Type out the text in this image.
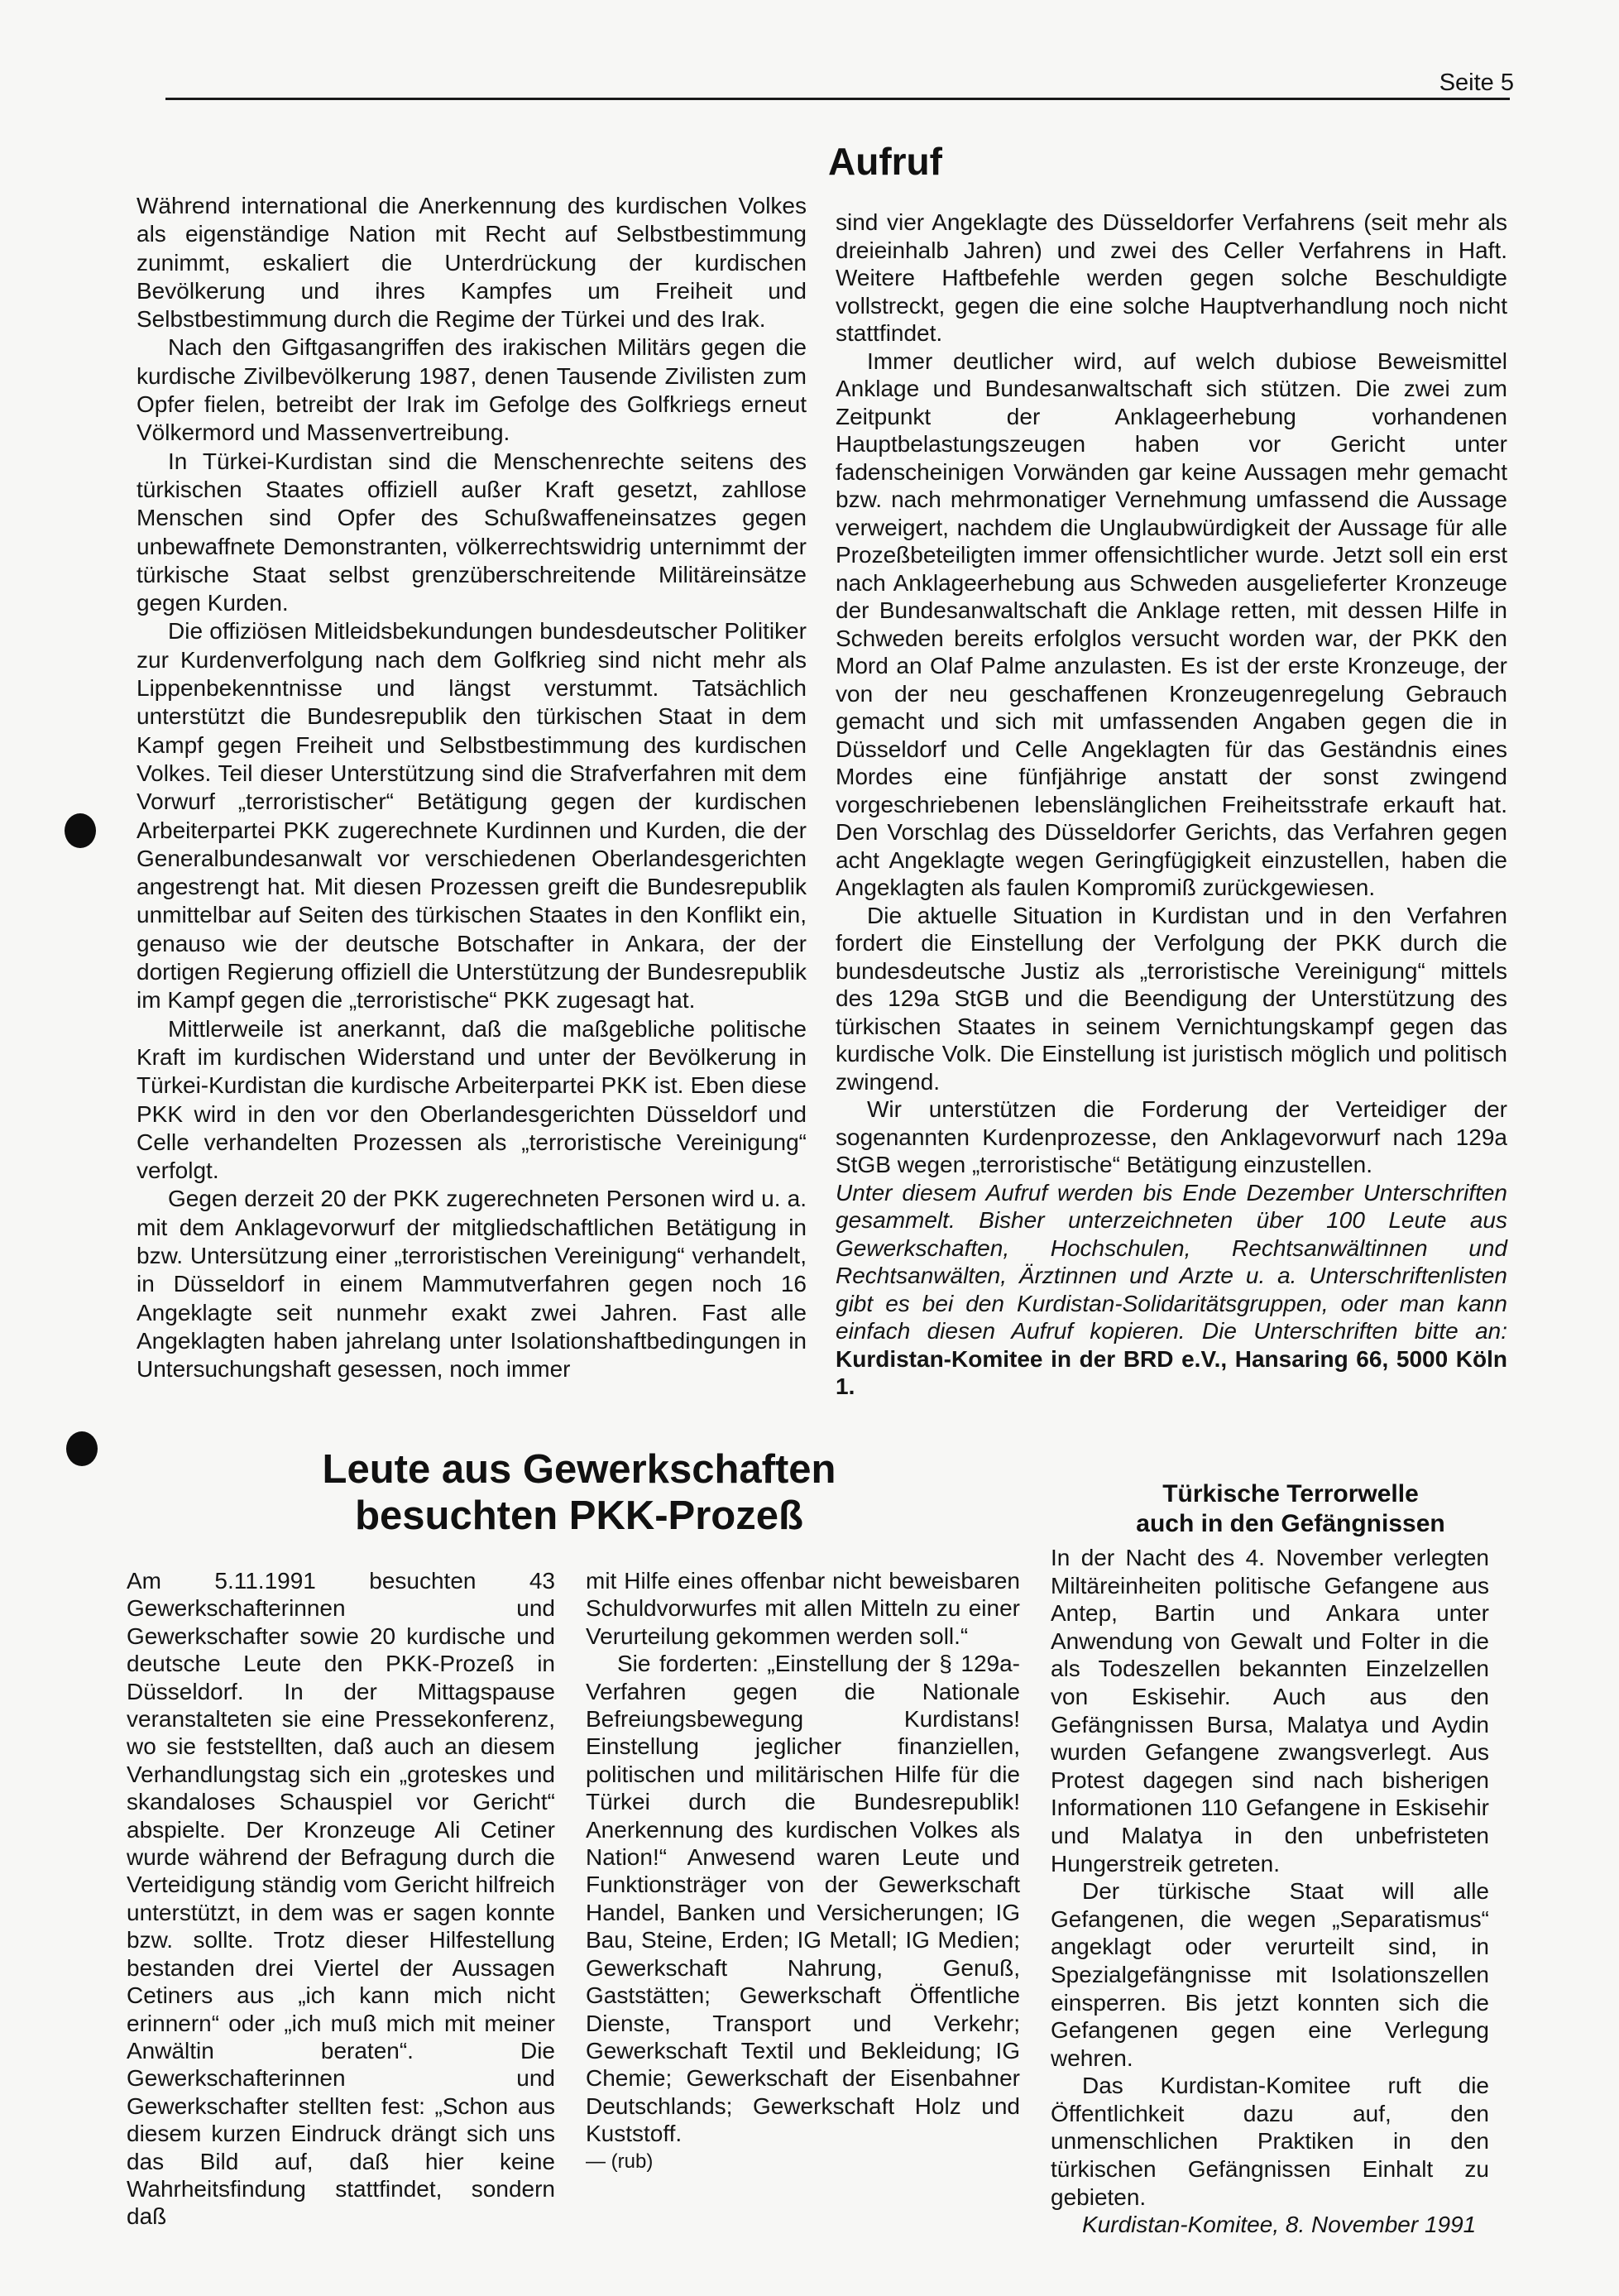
Seite 5
Aufruf

Während international die Anerkennung des kurdischen Volkes als eigenständige Nation mit Recht auf Selbstbestimmung zunimmt, eskaliert die Unterdrückung der kurdischen Bevölkerung und ihres Kampfes um Freiheit und Selbstbestimmung durch die Regime der Türkei und des Irak.

Nach den Giftgasangriffen des irakischen Militärs gegen die kurdische Zivilbevölkerung 1987, denen Tausende Zivilisten zum Opfer fielen, betreibt der Irak im Gefolge des Golfkriegs erneut Völkermord und Massenvertreibung.

In Türkei-Kurdistan sind die Menschenrechte seitens des türkischen Staates offiziell außer Kraft gesetzt, zahllose Menschen sind Opfer des Schußwaffeneinsatzes gegen unbewaffnete Demonstranten, völkerrechtswidrig unternimmt der türkische Staat selbst grenzüberschreitende Militäreinsätze gegen Kurden.

Die offiziösen Mitleidsbekundungen bundesdeutscher Politiker zur Kurdenverfolgung nach dem Golfkrieg sind nicht mehr als Lippenbekenntnisse und längst verstummt. Tatsächlich unterstützt die Bundesrepublik den türkischen Staat in dem Kampf gegen Freiheit und Selbstbestimmung des kurdischen Volkes. Teil dieser Unterstützung sind die Strafverfahren mit dem Vorwurf „terroristischer“ Betätigung gegen der kurdischen Arbeiterpartei PKK zugerechnete Kurdinnen und Kurden, die der Generalbundesanwalt vor verschiedenen Oberlandesgerichten angestrengt hat. Mit diesen Prozessen greift die Bundesrepublik unmittelbar auf Seiten des türkischen Staates in den Konflikt ein, genauso wie der deutsche Botschafter in Ankara, der der dortigen Regierung offiziell die Unterstützung der Bundesrepublik im Kampf gegen die „terroristische“ PKK zugesagt hat.

Mittlerweile ist anerkannt, daß die maßgebliche politische Kraft im kurdischen Widerstand und unter der Bevölkerung in Türkei-Kurdistan die kurdische Arbeiterpartei PKK ist. Eben diese PKK wird in den vor den Oberlandesgerichten Düsseldorf und Celle verhandelten Prozessen als „terroristische Vereinigung“ verfolgt.

Gegen derzeit 20 der PKK zugerechneten Personen wird u. a. mit dem Anklagevorwurf der mitgliedschaftlichen Betätigung in bzw. Untersützung einer „terroristischen Vereinigung“ verhandelt, in Düsseldorf in einem Mammutverfahren gegen noch 16 Angeklagte seit nunmehr exakt zwei Jahren. Fast alle Angeklagten haben jahrelang unter Isolationshaftbedingungen in Untersuchungshaft gesessen, noch immer

sind vier Angeklagte des Düsseldorfer Verfahrens (seit mehr als dreieinhalb Jahren) und zwei des Celler Verfahrens in Haft. Weitere Haftbefehle werden gegen solche Beschuldigte vollstreckt, gegen die eine solche Hauptverhandlung noch nicht stattfindet.

Immer deutlicher wird, auf welch dubiose Beweismittel Anklage und Bundesanwaltschaft sich stützen. Die zwei zum Zeitpunkt der Anklageerhebung vorhandenen Hauptbelastungszeugen haben vor Gericht unter fadenscheinigen Vorwänden gar keine Aussagen mehr gemacht bzw. nach mehrmonatiger Vernehmung umfassend die Aussage verweigert, nachdem die Unglaubwürdigkeit der Aussage für alle Prozeßbeteiligten immer offensichtlicher wurde. Jetzt soll ein erst nach Anklageerhebung aus Schweden ausgelieferter Kronzeuge der Bundesanwaltschaft die Anklage retten, mit dessen Hilfe in Schweden bereits erfolglos versucht worden war, der PKK den Mord an Olaf Palme anzulasten. Es ist der erste Kronzeuge, der von der neu geschaffenen Kronzeugenregelung Gebrauch gemacht und sich mit umfassenden Angaben gegen die in Düsseldorf und Celle Angeklagten für das Geständnis eines Mordes eine fünfjährige anstatt der sonst zwingend vorgeschriebenen lebenslänglichen Freiheitsstrafe erkauft hat. Den Vorschlag des Düsseldorfer Gerichts, das Verfahren gegen acht Angeklagte wegen Geringfügigkeit einzustellen, haben die Angeklagten als faulen Kompromiß zurückgewiesen.

Die aktuelle Situation in Kurdistan und in den Verfahren fordert die Einstellung der Verfolgung der PKK durch die bundesdeutsche Justiz als „terroristische Vereinigung“ mittels des 129a StGB und die Beendigung der Unterstützung des türkischen Staates in seinem Vernichtungskampf gegen das kurdische Volk. Die Einstellung ist juristisch möglich und politisch zwingend.

Wir unterstützen die Forderung der Verteidiger der sogenannten Kurdenprozesse, den Anklagevorwurf nach 129a StGB wegen „terroristische“ Betätigung einzustellen.

Unter diesem Aufruf werden bis Ende Dezember Unterschriften gesammelt. Bisher unterzeichneten über 100 Leute aus Gewerkschaften, Hochschulen, Rechtsanwältinnen und Rechtsanwälten, Ärztinnen und Arzte u. a. Unterschriftenlisten gibt es bei den Kurdistan-Solidaritätsgruppen, oder man kann einfach diesen Aufruf kopieren. Die Unterschriften bitte an: Kurdistan-Komitee in der BRD e.V., Hansaring 66, 5000 Köln 1.

Leute aus Gewerkschaften
besuchten PKK-Prozeß

Am 5.11.1991 besuchten 43 Gewerkschafterinnen und Gewerkschafter sowie 20 kurdische und deutsche Leute den PKK-Prozeß in Düsseldorf. In der Mittagspause veranstalteten sie eine Pressekonferenz, wo sie feststellten, daß auch an diesem Verhandlungstag sich ein „groteskes und skandaloses Schauspiel vor Gericht“ abspielte. Der Kronzeuge Ali Cetiner wurde während der Befragung durch die Verteidigung ständig vom Gericht hilfreich unterstützt, in dem was er sagen konnte bzw. sollte. Trotz dieser Hilfestellung bestanden drei Viertel der Aussagen Cetiners aus „ich kann mich nicht erinnern“ oder „ich muß mich mit meiner Anwältin beraten“. Die Gewerkschafterinnen und Gewerkschafter stellten fest: „Schon aus diesem kurzen Eindruck drängt sich uns das Bild auf, daß hier keine Wahrheitsfindung stattfindet, sondern daß

mit Hilfe eines offenbar nicht beweisbaren Schuldvorwurfes mit allen Mitteln zu einer Verurteilung gekommen werden soll.“

Sie forderten: „Einstellung der § 129a-Verfahren gegen die Nationale Befreiungsbewegung Kurdistans! Einstellung jeglicher finanziellen, politischen und militärischen Hilfe für die Türkei durch die Bundesrepublik! Anerkennung des kurdischen Volkes als Nation!“ Anwesend waren Leute und Funktionsträger von der Gewerkschaft Handel, Banken und Versicherungen; IG Bau, Steine, Erden; IG Metall; IG Medien; Gewerkschaft Nahrung, Genuß, Gaststätten; Gewerkschaft Öffentliche Dienste, Transport und Verkehr; Gewerkschaft Textil und Bekleidung; IG Chemie; Gewerkschaft der Eisenbahner Deutschlands; Gewerkschaft Holz und Kuststoff.

— (rub)

Türkische Terrorwelle
auch in den Gefängnissen

In der Nacht des 4. November verlegten Miltäreinheiten politische Gefangene aus Antep, Bartin und Ankara unter Anwendung von Gewalt und Folter in die als Todeszellen bekannten Einzelzellen von Eskisehir. Auch aus den Gefängnissen Bursa, Malatya und Aydin wurden Gefangene zwangsverlegt. Aus Protest dagegen sind nach bisherigen Informationen 110 Gefangene in Eskisehir und Malatya in den unbefristeten Hungerstreik getreten.

Der türkische Staat will alle Gefangenen, die wegen „Separatismus“ angeklagt oder verurteilt sind, in Spezialgefängnisse mit Isolationszellen einsperren. Bis jetzt konnten sich die Gefangenen gegen eine Verlegung wehren.

Das Kurdistan-Komitee ruft die Öffentlichkeit dazu auf, den unmenschlichen Praktiken in den türkischen Gefängnissen Einhalt zu gebieten.

Kurdistan-Komitee, 8. November 1991
